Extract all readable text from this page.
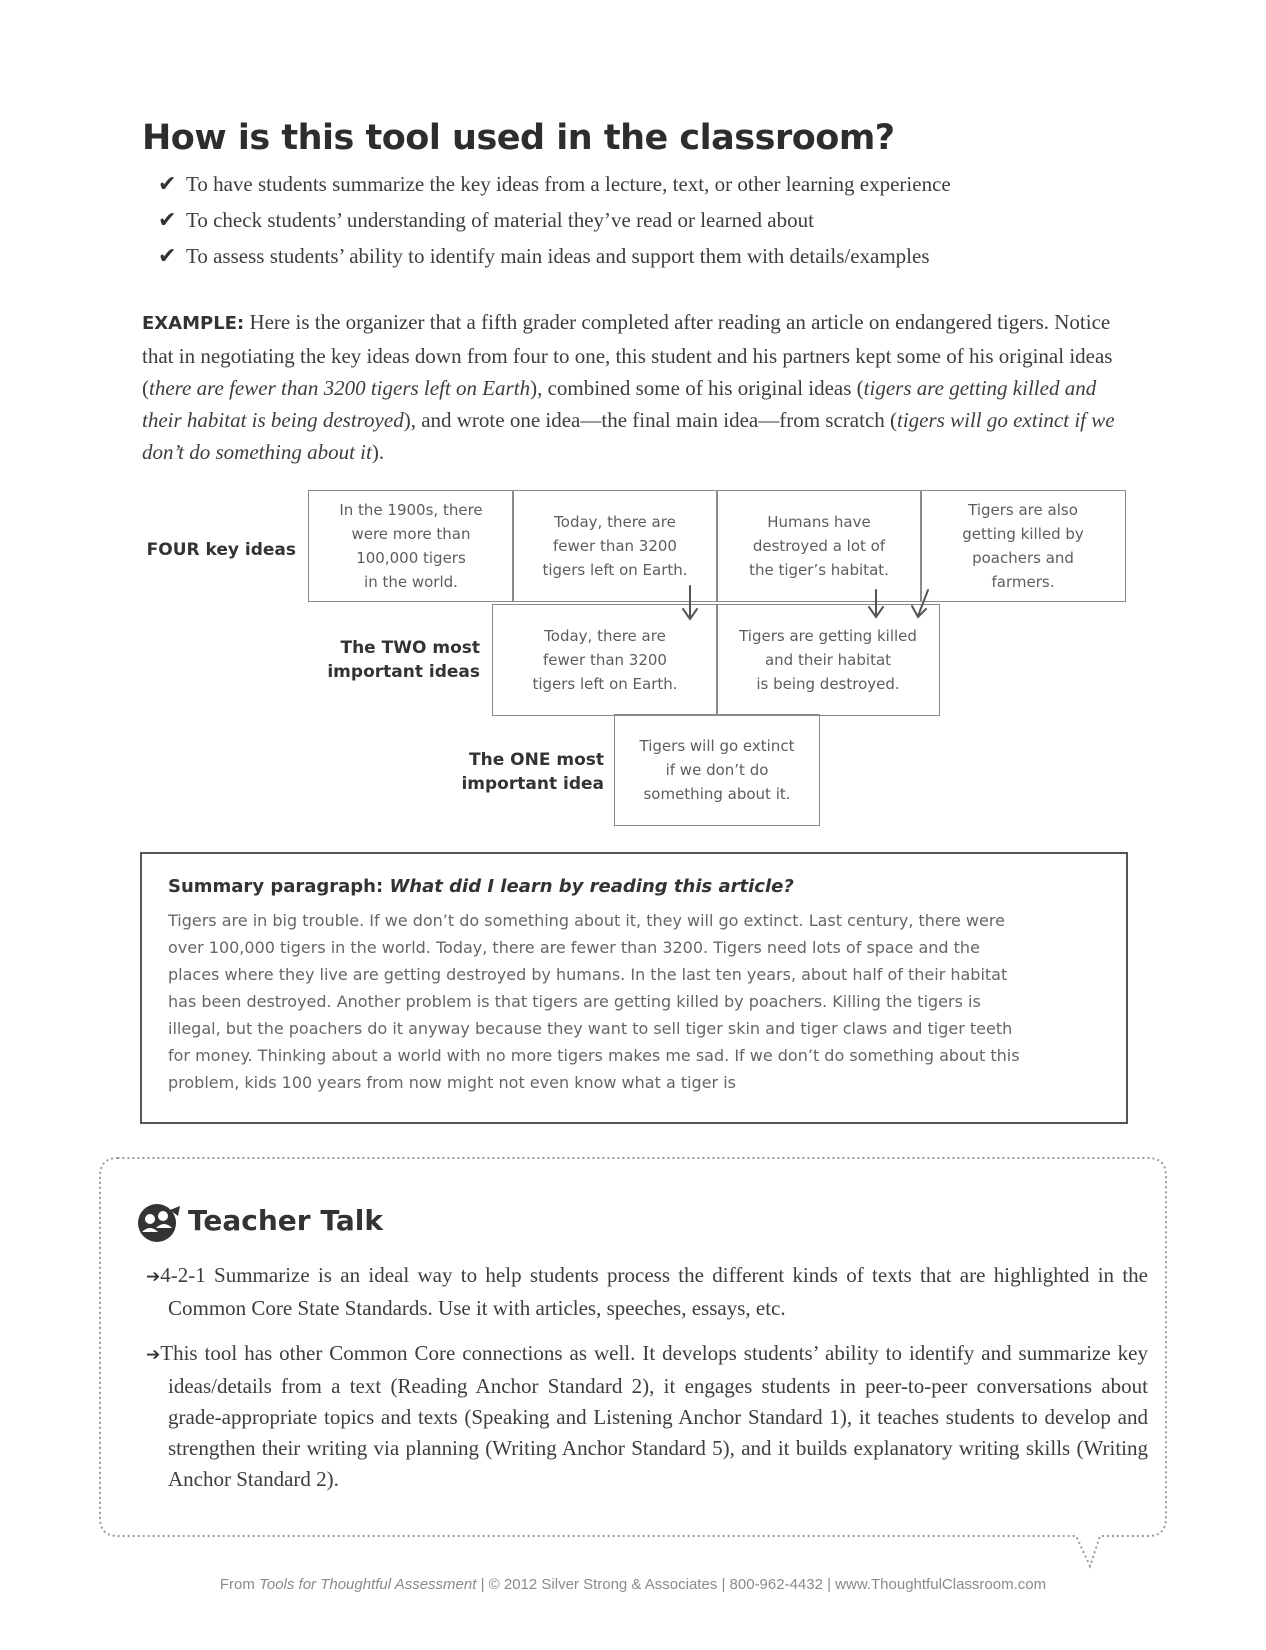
How is this tool used in the classroom?
✔ To have students summarize the key ideas from a lecture, text, or other learning experience
✔ To check students’ understanding of material they’ve read or learned about
✔ To assess students’ ability to identify main ideas and support them with details/examples

EXAMPLE: Here is the organizer that a fifth grader completed after reading an article on endangered tigers. Notice that in negotiating the key ideas down from four to one, this student and his partners kept some of his original ideas (there are fewer than 3200 tigers left on Earth), combined some of his original ideas (tigers are getting killed and their habitat is being destroyed), and wrote one idea—the final main idea—from scratch (tigers will go extinct if we don’t do something about it).

FOUR key ideas
The TWO most
important ideas
The ONE most
important idea
In the 1900s, there
were more than
100,000 tigers
in the world.
Today, there are
fewer than 3200
tigers left on Earth.
Humans have
destroyed a lot of
the tiger’s habitat.
Tigers are also
getting killed by
poachers and
farmers.
Today, there are
fewer than 3200
tigers left on Earth.
Tigers are getting killed
and their habitat
is being destroyed.
Tigers will go extinct
if we don’t do
something about it.
Summary paragraph: What did I learn by reading this article?
Tigers are in big trouble. If we don’t do something about it, they will go extinct. Last century, there were
over 100,000 tigers in the world. Today, there are fewer than 3200. Tigers need lots of space and the
places where they live are getting destroyed by humans. In the last ten years, about half of their habitat
has been destroyed. Another problem is that tigers are getting killed by poachers. Killing the tigers is
illegal, but the poachers do it anyway because they want to sell tiger skin and tiger claws and tiger teeth
for money. Thinking about a world with no more tigers makes me sad. If we don’t do something about this
problem, kids 100 years from now might not even know what a tiger is
Teacher Talk

➔4-2-1 Summarize is an ideal way to help students process the different kinds of texts that are highlighted in the Common Core State Standards. Use it with articles, speeches, essays, etc.

➔This tool has other Common Core connections as well. It develops students’ ability to identify and summarize key ideas/details from a text (Reading Anchor Standard 2), it engages students in peer-to-peer conversations about grade-appropriate topics and texts (Speaking and Listening Anchor Standard 1), it teaches students to develop and strengthen their writing via planning (Writing Anchor Standard 5), and it builds explanatory writing skills (Writing Anchor Standard 2).

From Tools for Thoughtful Assessment | © 2012 Silver Strong & Associates | 800-962-4432 | www.ThoughtfulClassroom.com
